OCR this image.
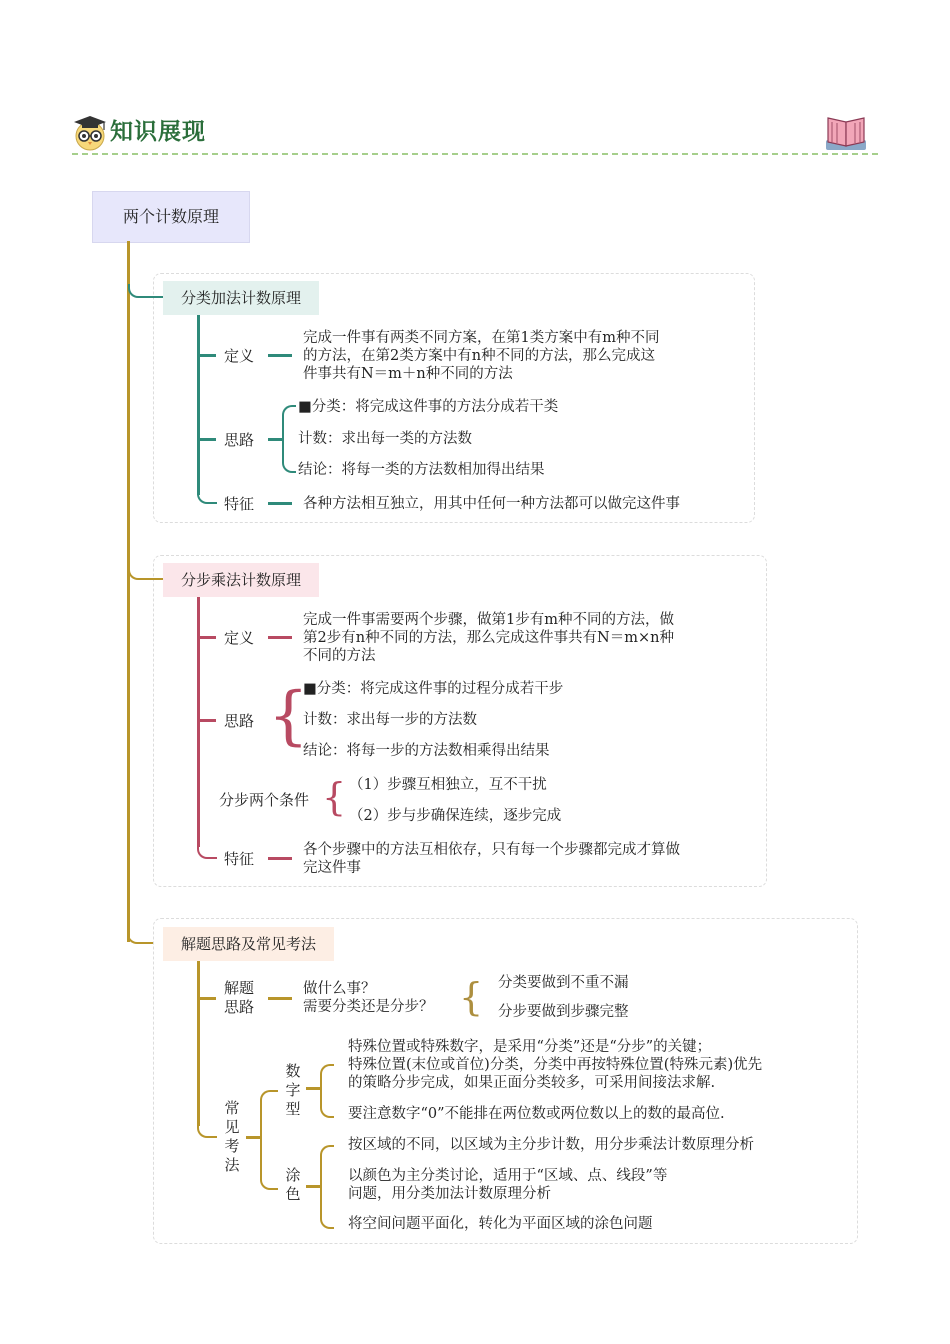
知识展现
两个计数原理
分类加法计数原理
定义
完成一件事有两类不同方案，在第1类方案中有m种不同
的方法，在第2类方案中有n种不同的方法，那么完成这
件事共有N＝m＋n种不同的方法
思路
■分类：将完成这件事的方法分成若干类
计数：求出每一类的方法数
结论：将每一类的方法数相加得出结果
特征	各种方法相互独立，用其中任何一种方法都可以做完这件事
分步乘法计数原理
定义
完成一件事需要两个步骤，做第1步有m种不同的方法，做
第2步有n种不同的方法，那么完成这件事共有N＝m×n种
不同的方法
思路 {
■分类：将完成这件事的过程分成若干步
计数：求出每一步的方法数
结论：将每一步的方法数相乘得出结果
分步两个条件 { （1）步骤互相独立，互不干扰
（2）步与步确保连续，逐步完成
特征	各个步骤中的方法互相依存，只有每一个步骤都完成才算做
完这件事
解题思路及常见考法
解题思路
做什么事？
需要分类还是分步？ { 分类要做到不重不漏
分步要做到步骤完整
常见考法
数字型
特殊位置或特殊数字，是采用“分类”还是“分步”的关键；
特殊位置(末位或首位)分类，分类中再按特殊位置(特殊元素)优先
的策略分步完成，如果正面分类较多，可采用间接法求解.
要注意数字“0”不能排在两位数或两位数以上的数的最高位.
涂色
按区域的不同，以区域为主分步计数，用分步乘法计数原理分析
以颜色为主分类讨论，适用于“区域、点、线段”等
问题，用分类加法计数原理分析
将空间问题平面化，转化为平面区域的涂色问题
